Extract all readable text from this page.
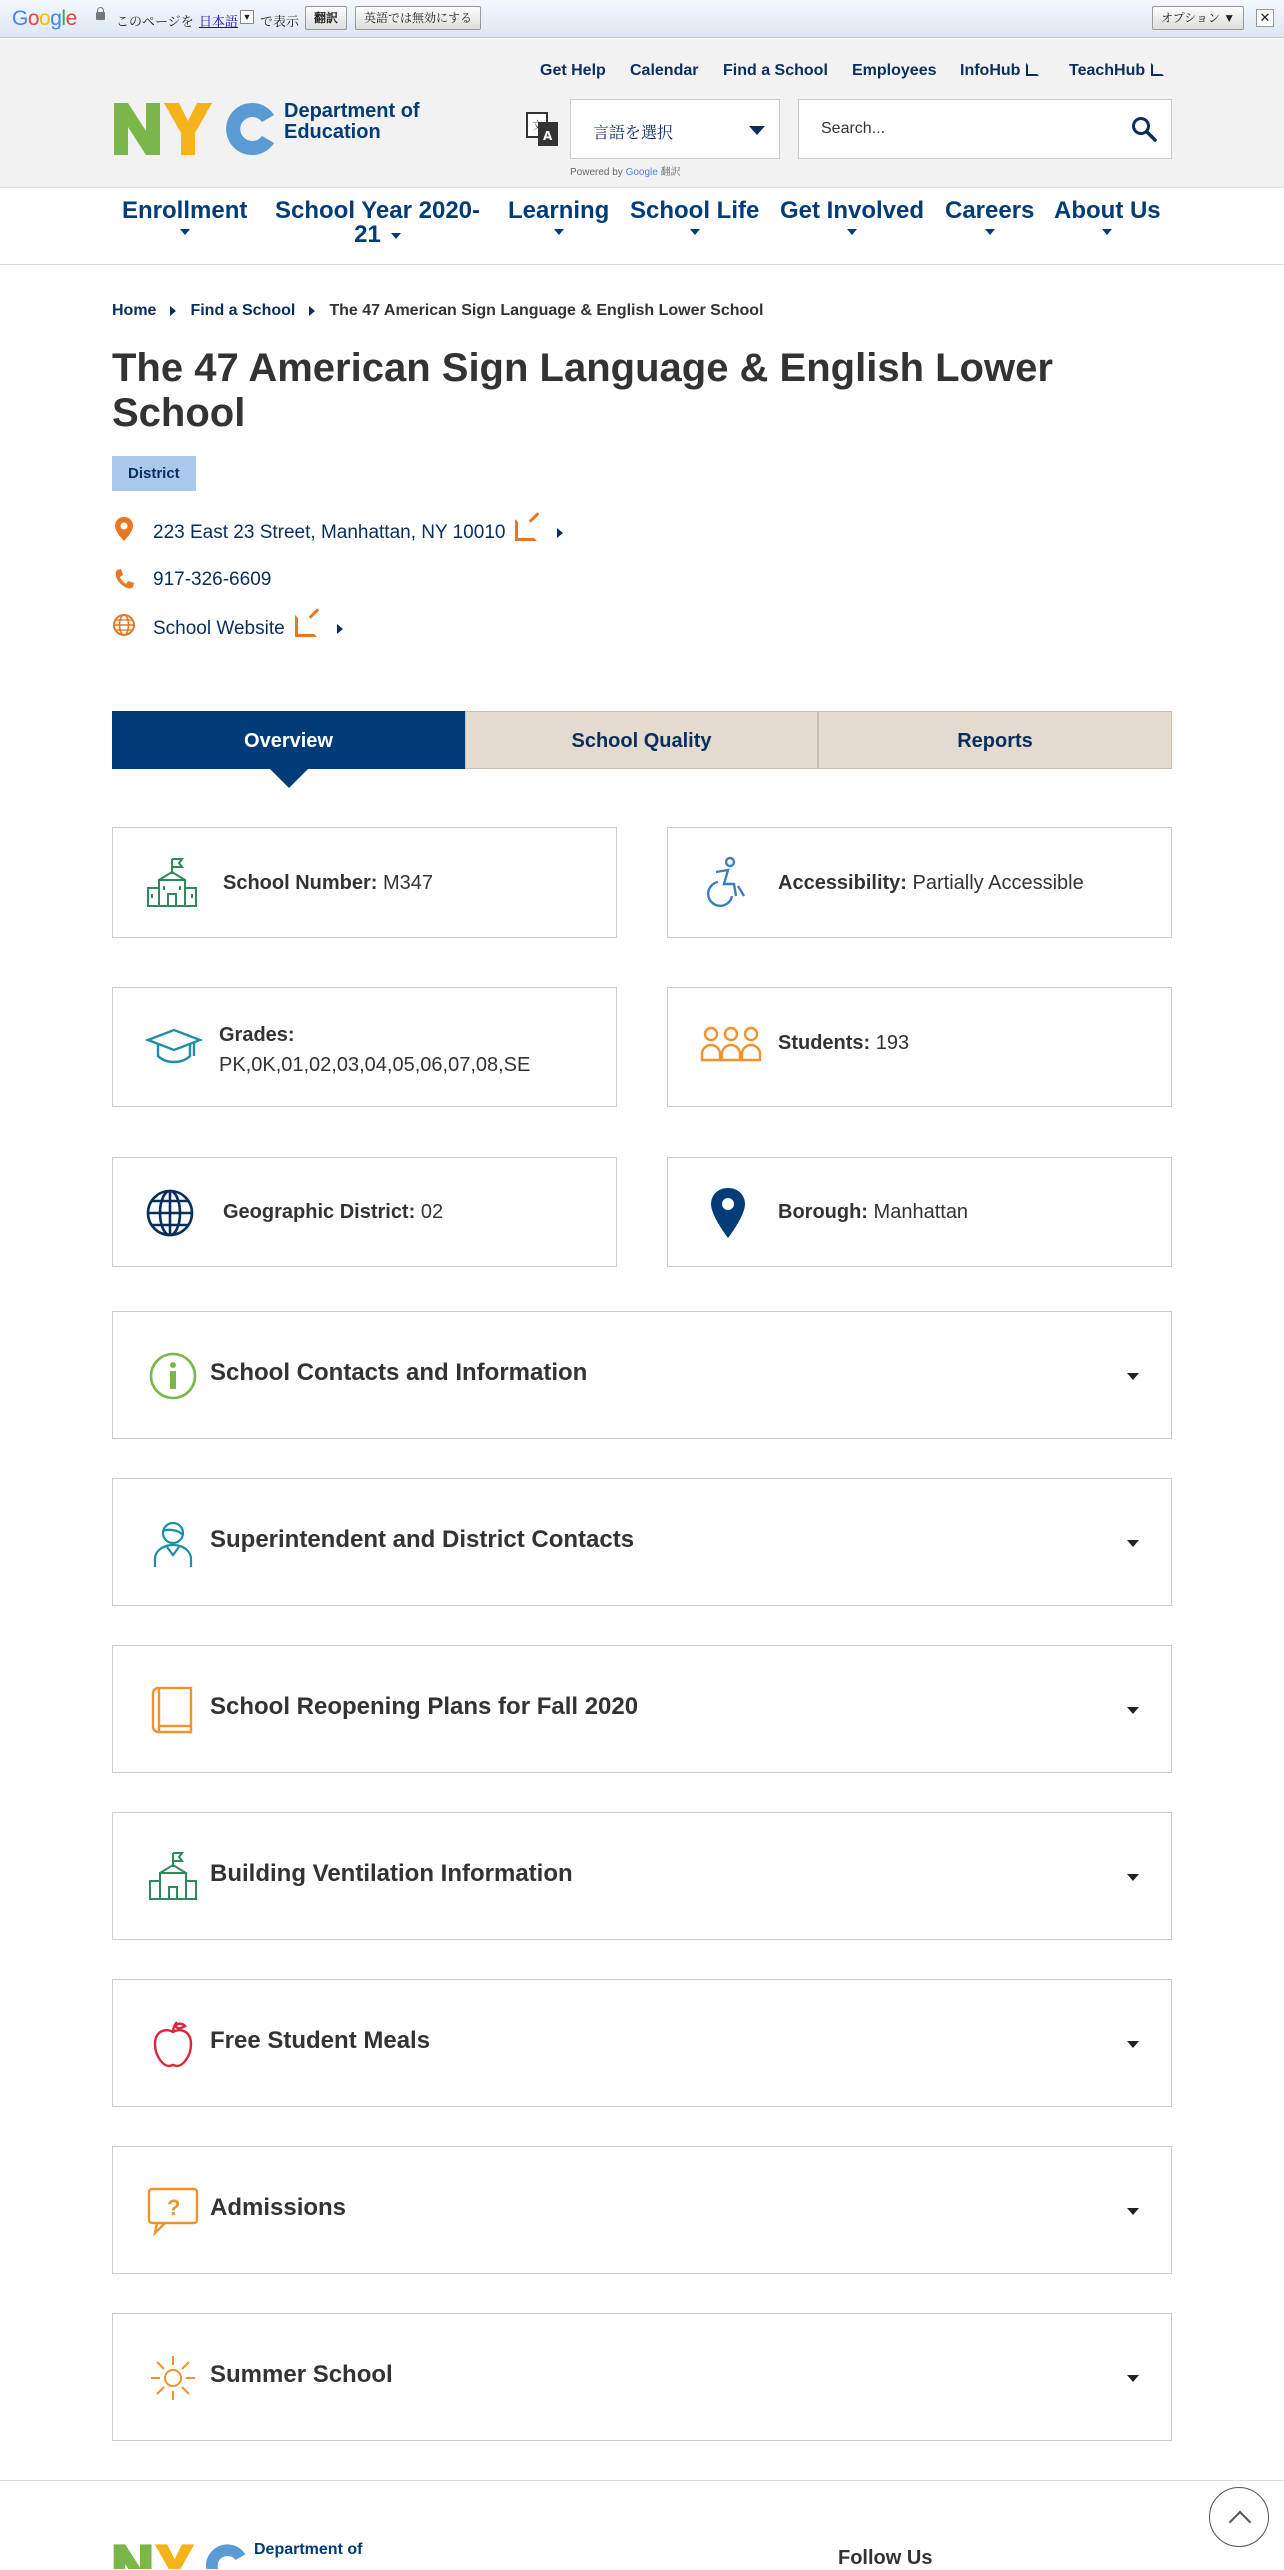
Google	このページを 日本語 ▼ で表示	翻訳	英語では無効にする	オプション ▼	✕
Department of
Education
Get Help Calendar Find a School Employees InfoHub	TeachHub
文
A	言語を選択
Powered by Google 翻訳
Search...
Enrollment School Year 2020-
21
Learning School Life Get Involved Careers About Us
Home Find a School The 47 American Sign Language & English Lower School
The 47 American Sign Language & English Lower School
District
223 East 23 Street, Manhattan, NY 10010
917-326-6609
School Website
Overview	School Quality	Reports
School Number: M347	Accessibility: Partially Accessible
Grades:
PK,0K,01,02,03,04,05,06,07,08,SE
Students: 193
Geographic District: 02	Borough: Manhattan
School Contacts and Information
Superintendent and District Contacts
School Reopening Plans for Fall 2020
Building Ventilation Information
Free Student Meals
? Admissions
Summer School
Department of	Follow Us
